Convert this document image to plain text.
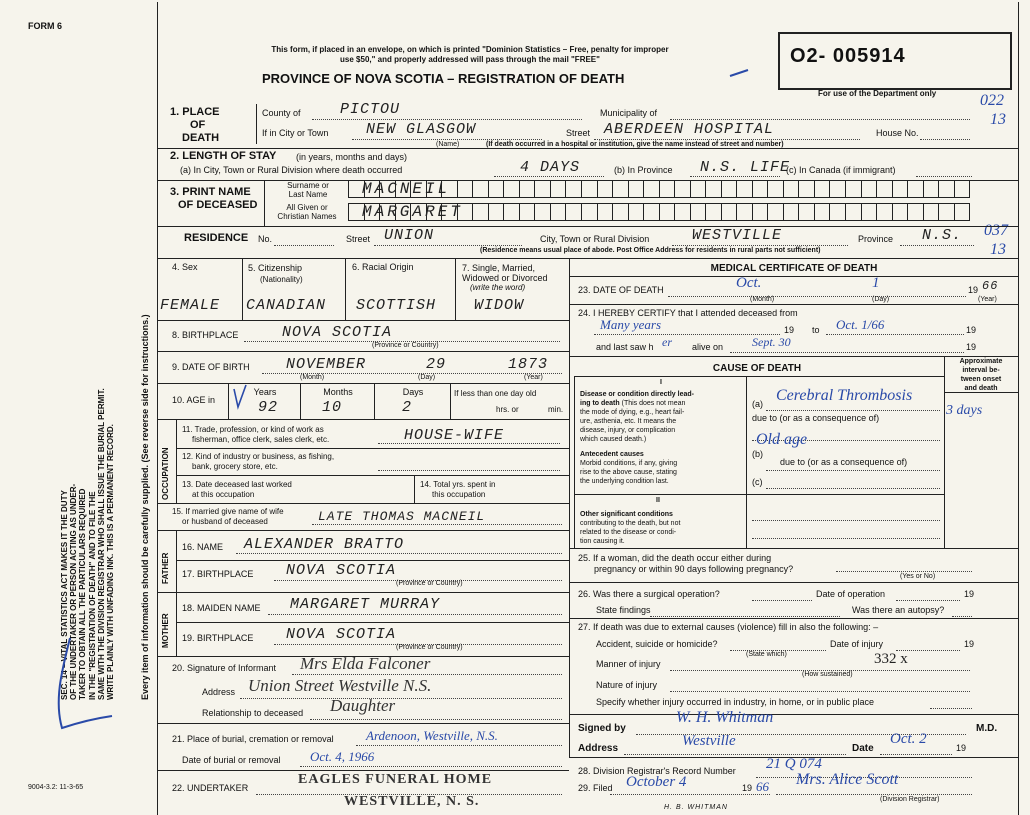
FORM 6
SEC. 14 – VITAL STATISTICS ACT MAKES IT THE DUTY OF THE UNDERTAKER OR PERSON ACTING AS UNDER- TAKER TO OBTAIN ALL THE PARTICULARS REQUIRED IN THE "REGISTRATION OF DEATH" AND TO FILE THE SAME WITH THE DIVISION REGISTRAR WHO SHALL ISSUE THE BURIAL PERMIT. WRITE PLAINLY WITH UNFADING INK. THIS IS A PERMANENT RECORD.	Every item of information should be carefully supplied. (See reverse side for instructions.)
9004-3.2: 11-3-65
This form, if placed in an envelope, on which is printed "Dominion Statistics – Free, penalty for improper
use $50," and properly addressed will pass through the mail "FREE"
PROVINCE OF NOVA SCOTIA – REGISTRATION OF DEATH
O2- 005914
For use of the Department only	022
13
037
13
1. PLACE
OF
DEATH
County of	PICTOU	Municipality of
If in City or Town	NEW GLASGOW
(Name)
Street ABERDEEN HOSPITAL	House No.
(If death occurred in a hospital or institution, give the name instead of street and number)
2. LENGTH OF STAY (in years, months and days)
(a) In City, Town or Rural Division where death occurred	4 DAYS	(b) In Province N.S. LIFE
(c) In Canada (if immigrant)
3. PRINT NAME
OF DECEASED
Surname or
Last Name
All Given or
Christian Names
MACNEIL
MARGARET
RESIDENCE No.	Street UNION	City, Town or Rural Division	WESTVILLE	Province N.S.
(Residence means usual place of abode. Post Office Address for residents in rural parts not sufficient)
4. Sex	5. Citizenship
(Nationality)
6. Racial Origin	7. Single, Married,
Widowed or Divorced
(write the word)
FEMALE CANADIAN SCOTTISH	WIDOW
8. BIRTHPLACE	NOVA SCOTIA
(Province or Country)
9. DATE OF BIRTH NOVEMBER	29	1873
(Month)	(Day)	(Year)
10. AGE in
Years	Months	Days
92	10	2
If less than one day old
hrs. or	min.
OCCUPATION
11. Trade, profession, or kind of work as
fisherman, office clerk, sales clerk, etc.	HOUSE-WIFE
12. Kind of industry or business, as fishing,
bank, grocery store, etc.
13. Date deceased last worked
at this occupation
14. Total yrs. spent in
this occupation
15. If married give name of wife
or husband of deceased	LATE THOMAS MACNEIL
FATHER
16. NAME ALEXANDER BRATTO
17. BIRTHPLACE NOVA SCOTIA
(Province or Country)
MOTHER
18. MAIDEN NAME MARGARET MURRAY
19. BIRTHPLACE NOVA SCOTIA
(Province or Country)
20. Signature of Informant Mrs Elda Falconer
Address Union Street Westville N.S.
Relationship to deceased Daughter
21. Place of burial, cremation or removal Ardenoon, Westville, N.S.
Date of burial or removal Oct. 4, 1966
22. UNDERTAKER
EAGLES FUNERAL HOME
WESTVILLE, N. S.
MEDICAL CERTIFICATE OF DEATH
23. DATE OF DEATH	Oct.	1	19 66
(Month)	(Day)	(Year)
24. I HEREBY CERTIFY that I attended deceased from
Many years	19 to Oct. 1/66	19
and last saw h er alive on Sept. 30	19
CAUSE OF DEATH
Approximate
interval be-
tween onset
and death
I
Disease or condition directly lead-
ing to death (This does not mean
the mode of dying, e.g., heart fail-
ure, asthenia, etc. It means the
disease, injury, or complication
which caused death.)
(a) Cerebral Thrombosis
3 days
due to (or as a consequence of)
Old age
Antecedent causes
Morbid conditions, if any, giving
rise to the above cause, stating
the underlying condition last.
(b)
due to (or as a consequence of)
(c)
II
Other significant conditions
contributing to the death, but not
related to the disease or condi-
tion causing it.
25. If a woman, did the death occur either during
pregnancy or within 90 days following pregnancy?
(Yes or No)
26. Was there a surgical operation?	Date of operation	19
State findings	Was there an autopsy?
27. If death was due to external causes (violence) fill in also the following: –
Accident, suicide or homicide?
(State which)
Date of injury	19
Manner of injury	332 x
(How sustained)
Nature of injury
Specify whether injury occurred in industry, in home, or in public place
Signed by
W. H. Whitman
M.D.
Address	Westville	Date
Oct. 2
19
28. Division Registrar's Record Number 21 Q 074
29. Filed October 4	19 66 Mrs. Alice Scott
(Division Registrar)
H. B. WHITMAN
